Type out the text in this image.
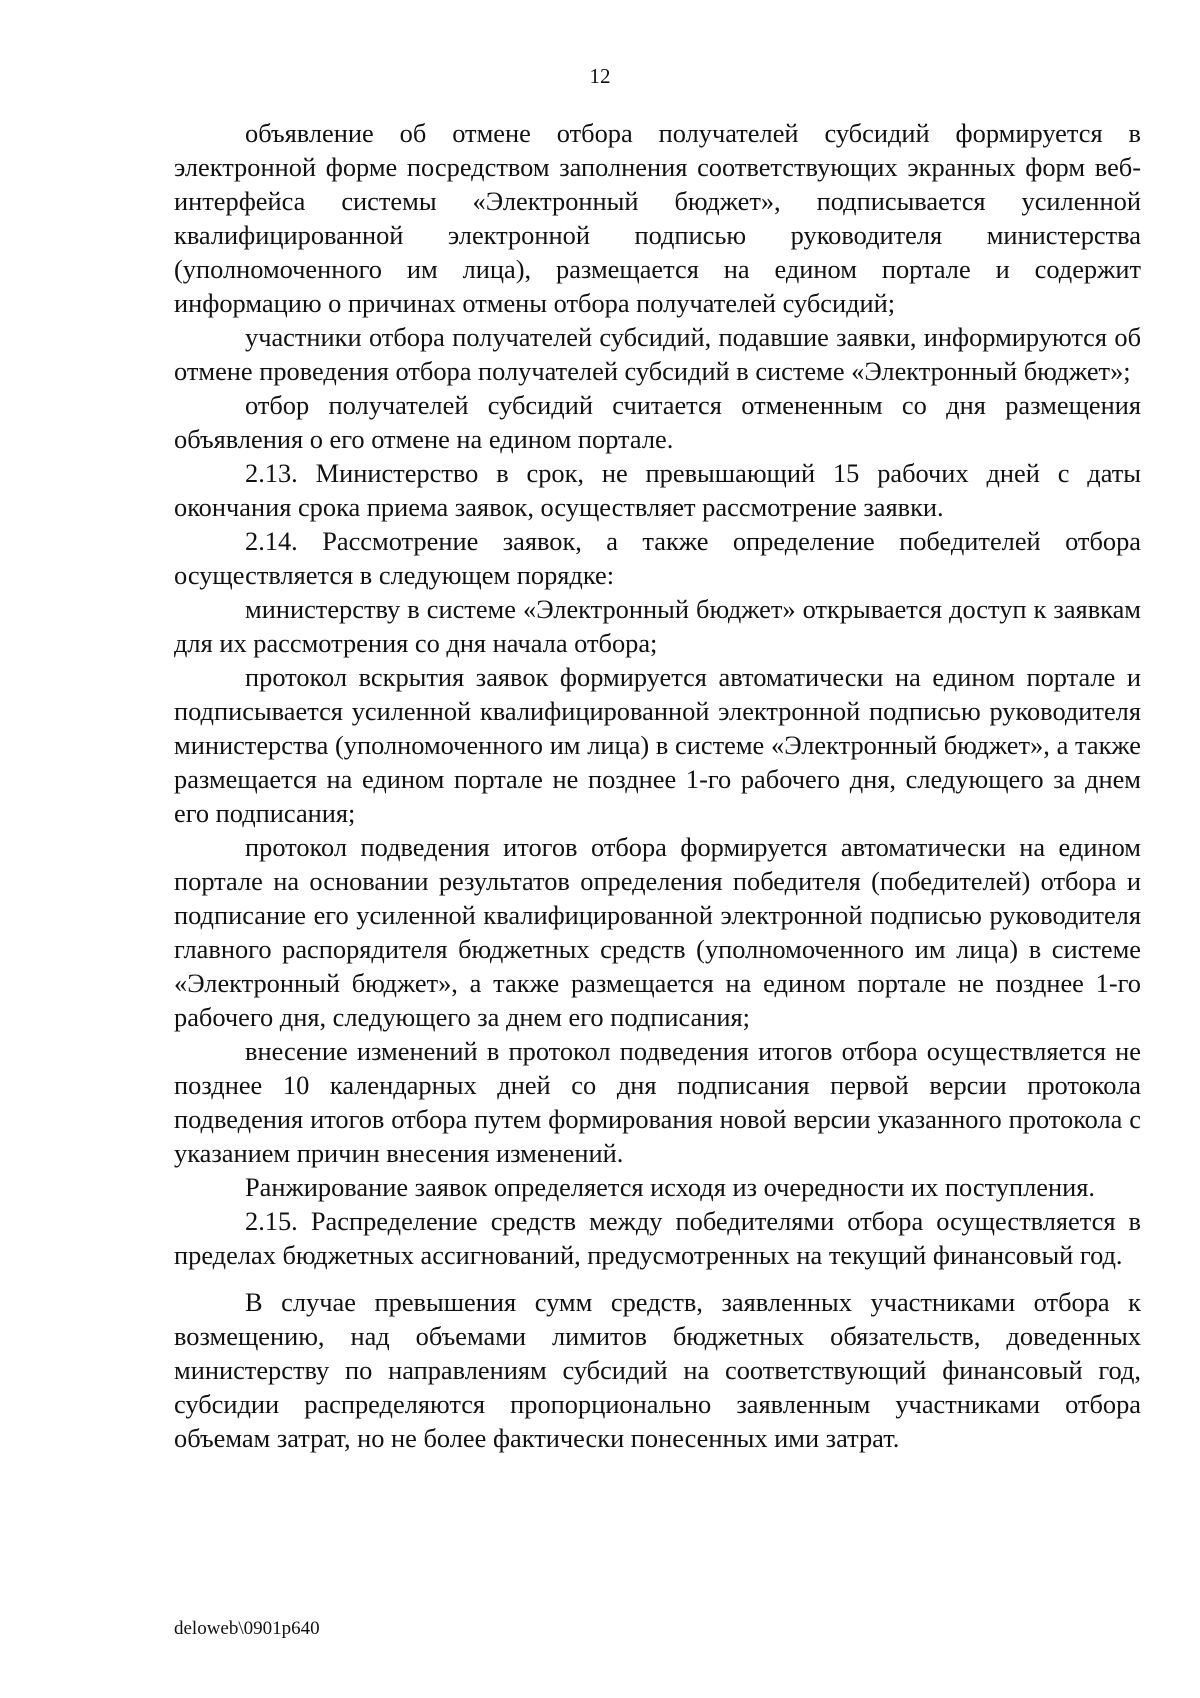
12

объявление об отмене отбора получателей субсидий формируется в электронной форме посредством заполнения соответствующих экранных форм веб-интерфейса системы «Электронный бюджет», подписывается усиленной квалифицированной электронной подписью руководителя министерства (уполномоченного им лица), размещается на едином портале и содержит информацию о причинах отмены отбора получателей субсидий;

участники отбора получателей субсидий, подавшие заявки, информируются об отмене проведения отбора получателей субсидий в системе «Электронный бюджет»;

отбор получателей субсидий считается отмененным со дня размещения объявления о его отмене на едином портале.

2.13. Министерство в срок, не превышающий 15 рабочих дней с даты окончания срока приема заявок, осуществляет рассмотрение заявки.

2.14. Рассмотрение заявок, а также определение победителей отбора осуществляется в следующем порядке:

министерству в системе «Электронный бюджет» открывается доступ к заявкам для их рассмотрения со дня начала отбора;

протокол вскрытия заявок формируется автоматически на едином портале и подписывается усиленной квалифицированной электронной подписью руководителя министерства (уполномоченного им лица) в системе «Электронный бюджет», а также размещается на едином портале не позднее 1-го рабочего дня, следующего за днем его подписания;

протокол подведения итогов отбора формируется автоматически на едином портале на основании результатов определения победителя (победителей) отбора и подписание его усиленной квалифицированной электронной подписью руководителя главного распорядителя бюджетных средств (уполномоченного им лица) в системе «Электронный бюджет», а также размещается на едином портале не позднее 1-го рабочего дня, следующего за днем его подписания;

внесение изменений в протокол подведения итогов отбора осуществляется не позднее 10 календарных дней со дня подписания первой версии протокола подведения итогов отбора путем формирования новой версии указанного протокола с указанием причин внесения изменений.

Ранжирование заявок определяется исходя из очередности их поступления.

2.15. Распределение средств между победителями отбора осуществляется в пределах бюджетных ассигнований, предусмотренных на текущий финансовый год.

В случае превышения сумм средств, заявленных участниками отбора к возмещению, над объемами лимитов бюджетных обязательств, доведенных министерству по направлениям субсидий на соответствующий финансовый год, субсидии распределяются пропорционально заявленным участниками отбора объемам затрат, но не более фактически понесенных ими затрат.

deloweb\0901p640
